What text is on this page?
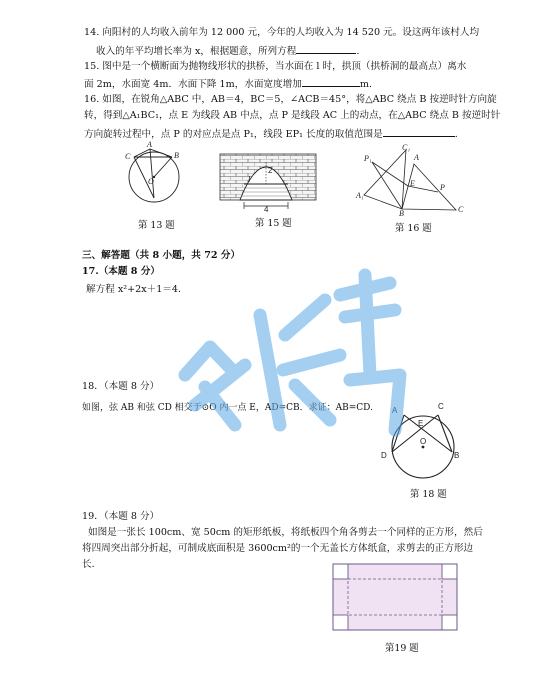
14. 向阳村的人均收入前年为 12 000 元，今年的人均收入为 14 520 元。设这两年该村人均
收入的年平均增长率为 x，根据题意，所列方程	.
15. 图中是一个横断面为抛物线形状的拱桥，当水面在 l 时，拱顶（拱桥洞的最高点）离水
面 2m，水面宽 4m．水面下降 1m，水面宽度增加	m.
16. 如图，在锐角△ABC 中，AB＝4，BC＝5，∠ACB＝45°，将△ABC 绕点 B 按逆时针方向旋
转，得到△A₁BC₁，点 E 为线段 AB 中点，点 P 是线段 AC 上的动点，在△ABC 绕点 B 按逆时针
方向旋转过程中，点 P 的对应点是点 P₁，线段 EP₁ 长度的取值范围是	.
A
B
C
O
第 13 题
2
l
4
第 15 题
A₁
A
B	C
C₁
E	P
P₁
第 16 题
三、解答题（共 8 小题，共 72 分）
17.（本题 8 分）
解方程 x²+2x＋1＝4.
18．（本题 8 分）
如图，弦 AB 和弦 CD 相交于⊙O 内一点 E，AD=CB．求证：AB=CD. A	C
E
O
D	B
第 18 题
19．（本题 8 分）
如图是一张长 100cm、宽 50cm 的矩形纸板，将纸板四个角各剪去一个同样的正方形，然后
将四周突出部分折起，可制成底面积是 3600cm²的一个无盖长方体纸盒，求剪去的正方形边
长.
第19 题
